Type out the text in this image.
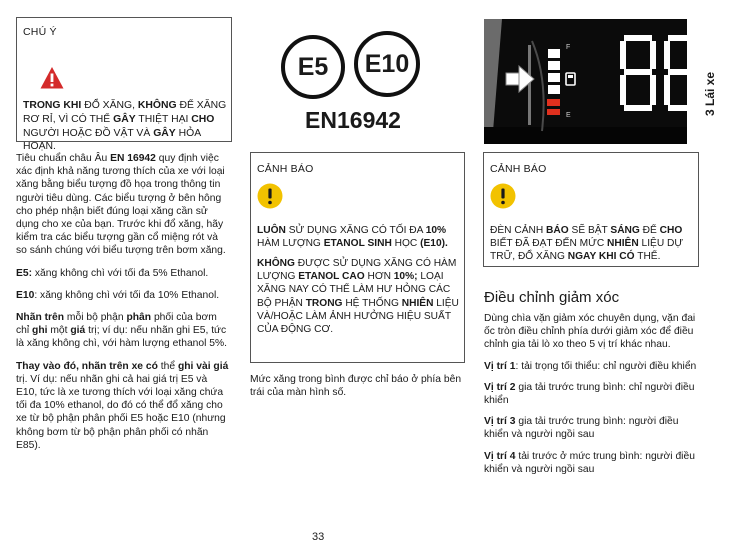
CHÚ Ý

TRONG KHI ĐỔ XĂNG, KHÔNG ĐỂ XĂNG RƠ RỈ, VÌ CÓ THỂ GÂY THIỆT HẠI CHO NGƯỜI HOẶC ĐỒ VẬT VÀ GÂY HỎA HOẠN.

Tiêu chuẩn châu Âu EN 16942 quy định việc xác định khả năng tương thích của xe với loại xăng bằng biểu tượng đồ họa trong thông tin người tiêu dùng. Các biểu tượng ở bên hông cho phép nhận biết đúng loại xăng cần sử dụng cho xe của bạn. Trước khi đổ xăng, hãy kiểm tra các biểu tượng gần cổ miệng rót và so sánh chúng với biểu tượng trên bơm xăng.

E5: xăng không chì với tối đa 5% Ethanol.

E10: xăng không chì với tối đa 10% Ethanol.

Nhãn trên mỗi bộ phận phân phối của bơm chỉ ghi một giá trị; ví dụ: nếu nhãn ghi E5, tức là xăng không chì, với hàm lượng ethanol 5%.

Thay vào đó, nhãn trên xe có thể ghi vài giá trị. Ví dụ: nếu nhãn ghi cả hai giá trị E5 và E10, tức là xe tương thích với loại xăng chứa tối đa 10% ethanol, do đó có thể đổ xăng cho xe từ bộ phận phân phối E5 hoặc E10 (nhưng không bơm từ bộ phận phân phối có nhãn E85).

E5 E10
EN16942
CẢNH BÁO

LUÔN SỬ DỤNG XĂNG CÓ TỐI ĐA 10% HÀM LƯỢNG ETANOL SINH HỌC (E10).

KHÔNG ĐƯỢC SỬ DỤNG XĂNG CÓ HÀM LƯỢNG ETANOL CAO HƠN 10%; LOẠI XĂNG NAY CÓ THỂ LÀM HƯ HỎNG CÁC BỘ PHẬN TRONG HỆ THỐNG NHIÊN LIỆU VÀ/HOẶC LÀM ẢNH HƯỞNG HIỆU SUẤT CỦA ĐỘNG CƠ.

Mức xăng trong bình được chỉ báo ở phía bên trái của màn hình số.

F
E	3 Lái xe
CẢNH BÁO

ĐÈN CẢNH BÁO SẼ BẬT SÁNG ĐỂ CHO BIẾT ĐÃ ĐẠT ĐẾN MỨC NHIÊN LIỆU DỰ TRỮ, ĐỔ XĂNG NGAY KHI CÓ THỂ.

Điều chỉnh giảm xóc

Dùng chìa vặn giảm xóc chuyên dụng, vặn đai ốc tròn điều chỉnh phía dưới giảm xóc để điều chỉnh gia tải lò xo theo 5 vị trí khác nhau.

Vị trí 1: tải trọng tối thiểu: chỉ người điều khiển

Vị trí 2 gia tải trước trung bình: chỉ người điều khiển

Vị trí 3 gia tải trước trung bình: người điều khiển và người ngồi sau

Vị trí 4 tải trước ở mức trung bình: người điều khiển và người ngồi sau

33
